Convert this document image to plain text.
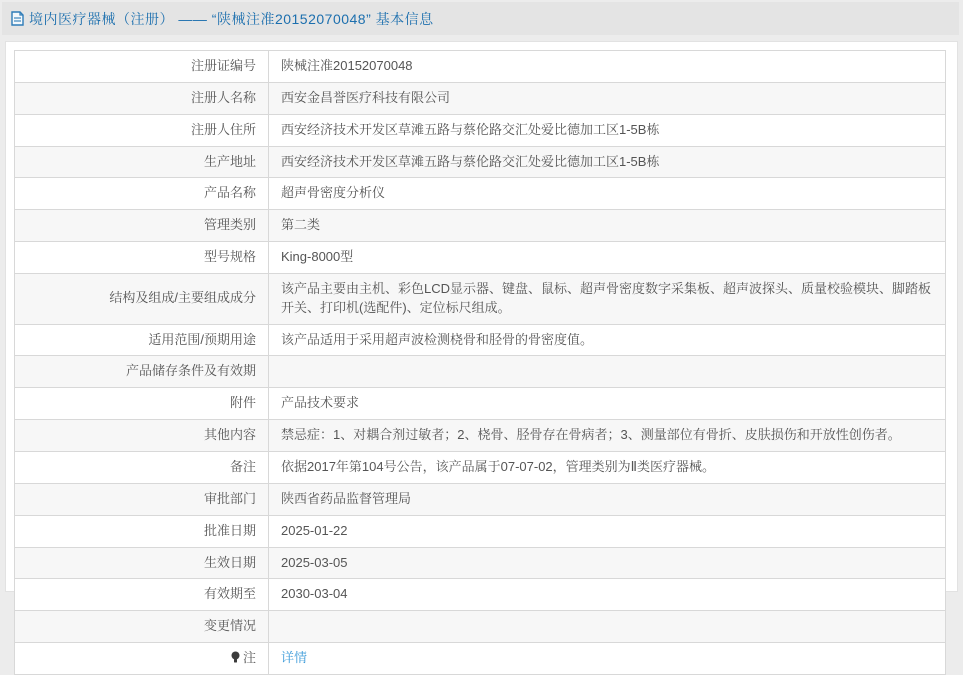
境内医疗器械（注册） —— “陕械注准20152070048” 基本信息
注册证编号	陕械注准20152070048
注册人名称	西安金昌誉医疗科技有限公司
注册人住所	西安经济技术开发区草滩五路与蔡伦路交汇处爱比德加工区1-5B栋
生产地址	西安经济技术开发区草滩五路与蔡伦路交汇处爱比德加工区1-5B栋
产品名称	超声骨密度分析仪
管理类别	第二类
型号规格	King-8000型
结构及组成/主要组成成分	该产品主要由主机、彩色LCD显示器、键盘、鼠标、超声骨密度数字采集板、超声波探头、质量校验模块、脚踏板开关、打印机(选配件)、定位标尺组成。
适用范围/预期用途	该产品适用于采用超声波检测桡骨和胫骨的骨密度值。
产品储存条件及有效期	
附件	产品技术要求
其他内容	禁忌症：1、对耦合剂过敏者；2、桡骨、胫骨存在骨病者；3、测量部位有骨折、皮肤损伤和开放性创伤者。
备注	依据2017年第104号公告，该产品属于07-07-02，管理类别为Ⅱ类医疗器械。
审批部门	陕西省药品监督管理局
批准日期	2025-01-22
生效日期	2025-03-05
有效期至	2030-03-04
变更情况	
注	详情
